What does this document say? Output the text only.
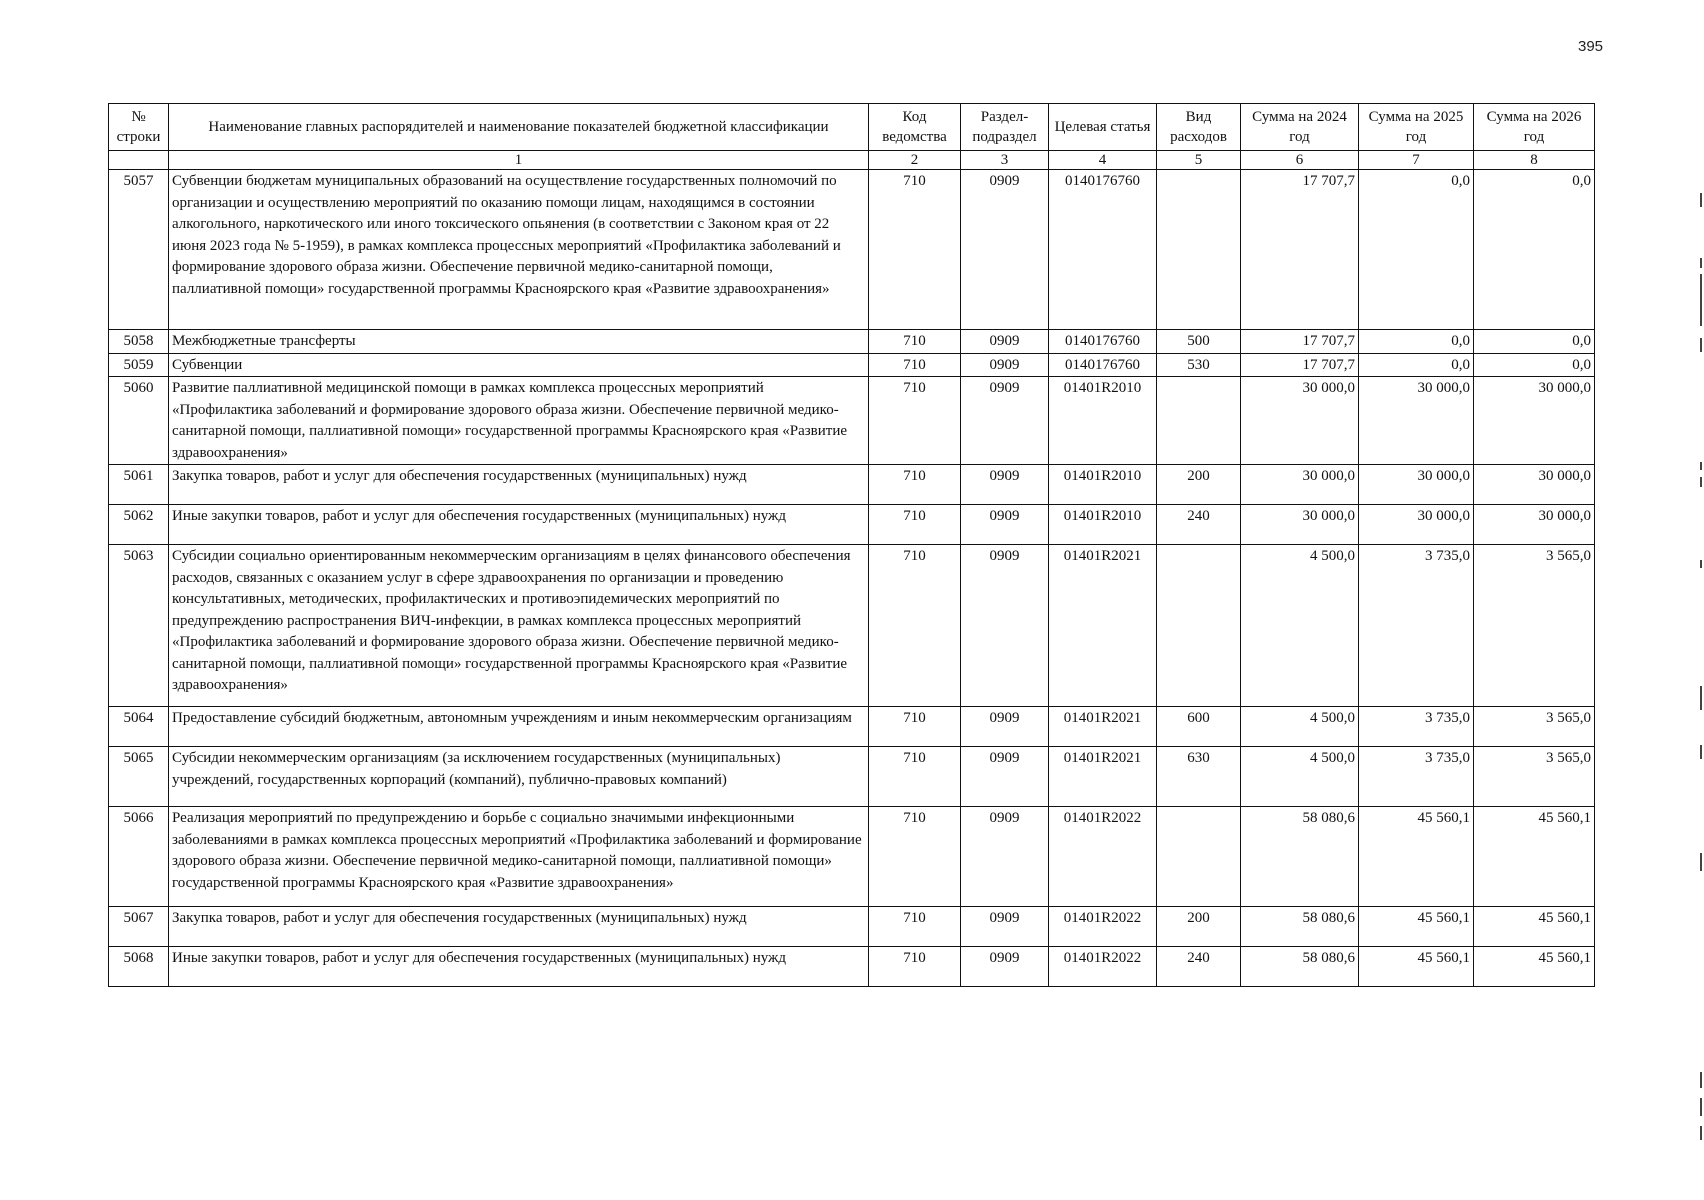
395
№ строки	Наименование главных распорядителей и наименование показателей бюджетной классификации	Код ведомства	Раздел-подраздел	Целевая статья	Вид расходов	Сумма на 2024 год	Сумма на 2025 год	Сумма на 2026 год
	1	2	3	4	5	6	7	8
5057	Субвенции бюджетам муниципальных образований на осуществление государственных полномочий по организации и осуществлению мероприятий по оказанию помощи лицам, находящимся в состоянии алкогольного, наркотического или иного токсического опьянения (в соответствии с Законом края от 22 июня 2023 года № 5-1959), в рамках комплекса процессных мероприятий «Профилактика заболеваний и формирование здорового образа жизни. Обеспечение первичной медико-санитарной помощи, паллиативной помощи» государственной программы Красноярского края «Развитие здравоохранения»	710	0909	0140176760		17 707,7	0,0	0,0
5058	Межбюджетные трансферты	710	0909	0140176760	500	17 707,7	0,0	0,0
5059	Субвенции	710	0909	0140176760	530	17 707,7	0,0	0,0
5060	Развитие паллиативной медицинской помощи в рамках комплекса процессных мероприятий «Профилактика заболеваний и формирование здорового образа жизни. Обеспечение первичной медико-санитарной помощи, паллиативной помощи» государственной программы Красноярского края «Развитие здравоохранения»	710	0909	01401R2010		30 000,0	30 000,0	30 000,0
5061	Закупка товаров, работ и услуг для обеспечения государственных (муниципальных) нужд	710	0909	01401R2010	200	30 000,0	30 000,0	30 000,0
5062	Иные закупки товаров, работ и услуг для обеспечения государственных (муниципальных) нужд	710	0909	01401R2010	240	30 000,0	30 000,0	30 000,0
5063	Субсидии социально ориентированным некоммерческим организациям в целях финансового обеспечения расходов, связанных с оказанием услуг в сфере здравоохранения по организации и проведению консультативных, методических, профилактических и противоэпидемических мероприятий по предупреждению распространения ВИЧ-инфекции, в рамках комплекса процессных мероприятий «Профилактика заболеваний и формирование здорового образа жизни. Обеспечение первичной медико-санитарной помощи, паллиативной помощи» государственной программы Красноярского края «Развитие здравоохранения»	710	0909	01401R2021		4 500,0	3 735,0	3 565,0
5064	Предоставление субсидий бюджетным, автономным учреждениям и иным некоммерческим организациям	710	0909	01401R2021	600	4 500,0	3 735,0	3 565,0
5065	Субсидии некоммерческим организациям (за исключением государственных (муниципальных) учреждений, государственных корпораций (компаний), публично-правовых компаний)	710	0909	01401R2021	630	4 500,0	3 735,0	3 565,0
5066	Реализация мероприятий по предупреждению и борьбе с социально значимыми инфекционными заболеваниями в рамках комплекса процессных мероприятий «Профилактика заболеваний и формирование здорового образа жизни. Обеспечение первичной медико-санитарной помощи, паллиативной помощи» государственной программы Красноярского края «Развитие здравоохранения»	710	0909	01401R2022		58 080,6	45 560,1	45 560,1
5067	Закупка товаров, работ и услуг для обеспечения государственных (муниципальных) нужд	710	0909	01401R2022	200	58 080,6	45 560,1	45 560,1
5068	Иные закупки товаров, работ и услуг для обеспечения государственных (муниципальных) нужд	710	0909	01401R2022	240	58 080,6	45 560,1	45 560,1
